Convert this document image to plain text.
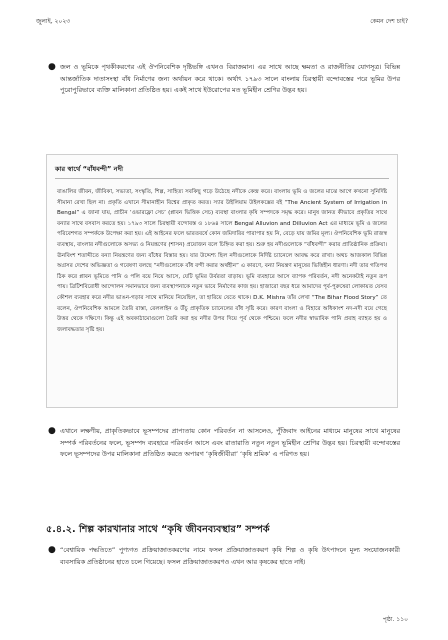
জুলাই, ২০২৩	কেমন দেশ চাই?
● জল ও ভূমিকে পৃথকীকরণের এই ঔপনিবেশিক দৃষ্টিভঙ্গি এখনও বিরাজমান। এর সাথে আছে ক্ষমতা ও রাজনীতির যোগসূত্র। বিভিন্ন আন্তর্জাতিক দাতাসংস্থা বাঁধ নির্মাণের জন্য অর্থায়ন করে থাকে। অর্থাৎ ১৭৯৩ সালে বাংলায় চিরস্থায়ী বন্দোবস্তের পরে ভূমির উপর পুরোপুরিভাবে ব্যক্তি মালিকানা প্রতিষ্ঠিত হয়। একই সাথে ইউরোপের মত ভূমিহীন শ্রেণির উদ্ভব হয়।
কার স্বার্থে “বাঁধবন্দী” নদী
বাঙালির জীবন, জীবিকা, সভ্যতা, সংস্কৃতি, শিল্প, সাহিত্য সবকিছু গড়ে উঠেছে নদীকে কেন্দ্র করে। বাংলায় ভূমি ও জলের মাঝে আগে কখনো সুনির্দিষ্ট সীমানা রেখা ছিল না। প্রকৃতি এখানে সীমানাহীন বিশ্বের প্রাকৃত করত। স্যার উইলিয়াম উইলকক্সের বই “The Ancient System of Irrigation in Bengal” এ জানা যায়, প্রাচীন ‘ওভারফ্লো সেচ’ (প্লাবন ভিত্তিক সেচ) ব্যবস্থা বাংলার কৃষি সম্পদকে সমৃদ্ধ করে। মানুষ জানত কীভাবে প্রকৃতির সাথে বন্যার সাথে বসবাস করতে হয়। ১৭৯৩ সালে চিরস্থায়ী বন্দোবস্ত ও ১৮৬৪ সালে Bengal Alluvion and Dilluvion Act এর মাধ্যমে ভূমি ও জলের পরিবেশগত সম্পর্ককে উপেক্ষা করা হয়। এই আইনের ফলে ভারতবর্ষে কোন জমিদারির পারাপার হয় নি, বেড়ে যায় জমির মূল্য। ঔপনিবেশিক ভূমি রাজস্ব ব্যবস্থায়, বাংলার নদীগুলোকে অসভ্য ও নিয়ন্ত্রণের (শাসন) প্রয়োজন বলে চিহ্নিত করা হয়। শুরু হয় নদীগুলোকে “বাঁধবন্দী” করার প্রাতিষ্ঠানিক প্রক্রিয়া। ঊনবিংশ শতাব্দীতে বন্যা নিয়ন্ত্রণের জন্য বাঁধের বিস্তার হয়। যার উদ্দেশ্য ছিল নদীগুলোকে নির্দিষ্ট চ্যানেলে আবদ্ধ করে রাখা। অথচ আজকাল বিভিন্ন অগ্রসর দেশের অভিজ্ঞতা ও গবেষণা বলছে “নদীগুলোকে বাঁধ বন্দী করার অর্থহীন” এ কারণে, বন্যা নিয়ন্ত্রণ মানুষের ভিত্তিহীন ধারণা। নদী তার গতিপথ ঠিক করে প্লাবন ভূমিতে পানি ও পলি বয়ে নিয়ে আসে, যেটি ভূমির উর্বরতা বাড়ায়। ভূমি ব্যবহারে আসে ব্যাপক পরিবর্তন, নদী অনেকটাই নতুন রূপ পায়। ব্রিটিশবিরোধী আন্দোলন সমানভাবে জন্য ব্যবস্থাপনাকে নতুন ভাবে নির্মাণের কাজ হয়। হাজারো বছর ধরে আমাদের পূর্ব-পুরুষেরা লোকায়ত যেসব কৌশল ব্যবহার করে নদীর ভাঙন-গড়ার সাথে মানিয়ে নিয়েছিল, তা হারিয়ে যেতে থাকে। D.K. Mishra তাঁর লেখা “The Bihar Flood Story” তে বলেন, ঔপনিবেশিক আমলে তৈরি রাস্তা, রেললাইন ও উঁচু প্রাকৃতিক চ্যানেলের বাঁধ সৃষ্টি করে। কারণ বাংলা ও বিহারে অধিকাংশ নদ-নদী বয়ে গেছে উত্তর থেকে দক্ষিণে। কিন্তু এই অবকাঠামোগুলো তৈরি করা হয় নদীর উপর দিয়ে পূর্ব থেকে পশ্চিমে। ফলে নদীর স্বাভাবিক পানি প্রবাহ ব্যাহত হয় ও জলাবদ্ধতার সৃষ্টি হয়।
● এখানে লক্ষণীয়, প্রাকৃতিকভাবে ভূসম্পদের প্রাপ্যতায় কোন পরিবর্তন না আসলেও, পুঁজিবাদ আইনের মাধ্যমে মানুষের সাথে মানুষের সম্পর্ক পরিবর্তনের ফলে, ভূসম্পদ ব্যবহারে পরিবর্তন আসে এবং রাতারাতি নতুন নতুন ভূমিহীন শ্রেণির উদ্ভব হয়। চিরস্থায়ী বন্দোবস্তের ফলে ভূসম্পদের উপর মালিকানা প্রতিষ্ঠিত করতে অপারগ ‘কৃষিজীবীরা’ ‘কৃষি শ্রমিক’ এ পরিণত হয়।
৫.৪.২. শিল্প কারখানার সাথে “কৃষি জীবনব্যবস্থার” সম্পর্ক
● “বেশ্বায়িক পদ্ধতিতে” পুণ্যগত প্রক্রিয়াজাতকরণের নামে ফসল প্রক্রিয়াজাতকরণ কৃষি শিল্প ও কৃষি উৎপাদনে মূল্য সংযোজনকারী ব্যবসায়িক প্রতিষ্ঠানের হাতে চলে গিয়েছে। ফসল প্রক্রিয়াজাতকরণও এখন আর কৃষকের হাতে নাই।
পৃষ্ঠা. ১১০
